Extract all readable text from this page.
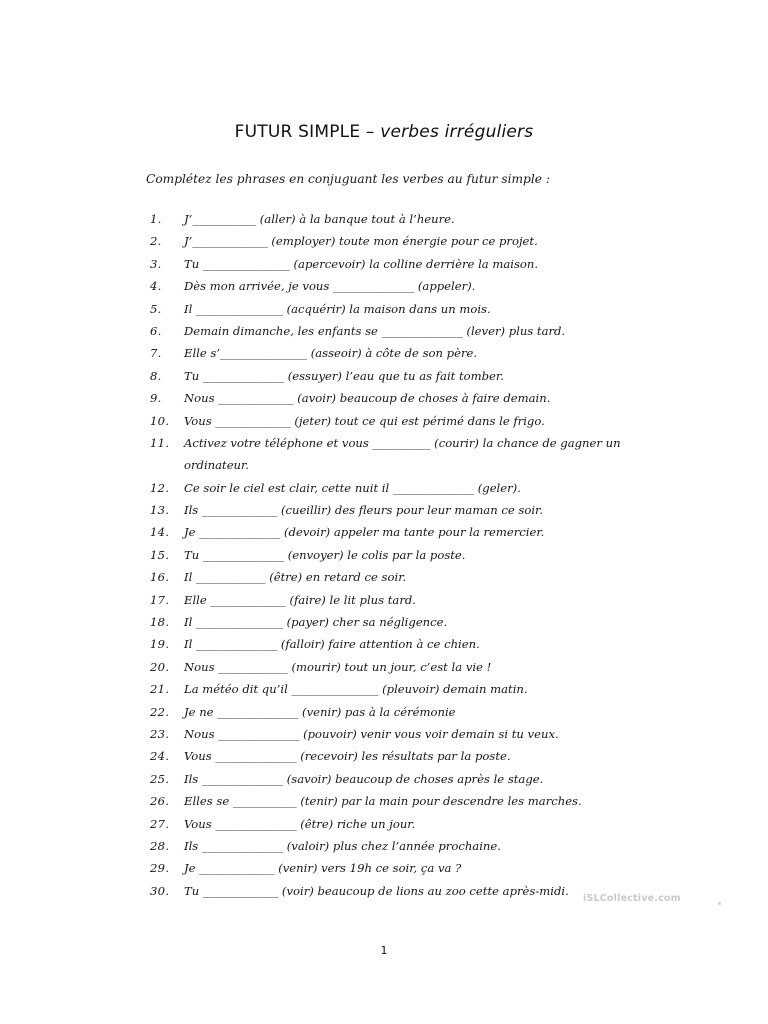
FUTUR SIMPLE – verbes irréguliers
Complétez les phrases en conjuguant les verbes au futur simple :
1.	J’___________ (aller) à la banque tout à l’heure.
2.	J’_____________ (employer) toute mon énergie pour ce projet.
3.	Tu _______________ (apercevoir) la colline derrière la maison.
4.	Dès mon arrivée, je vous ______________ (appeler).
5.	Il _______________ (acquérir) la maison dans un mois.
6.	Demain dimanche, les enfants se ______________ (lever) plus tard.
7.	Elle s’_______________ (asseoir) à côte de son père.
8.	Tu ______________ (essuyer) l’eau que tu as fait tomber.
9.	Nous _____________ (avoir) beaucoup de choses à faire demain.
10.	Vous _____________ (jeter) tout ce qui est périmé dans le frigo.
11.	Activez votre téléphone et vous __________ (courir) la chance de gagner un ordinateur.
12.	Ce soir le ciel est clair, cette nuit il ______________ (geler).
13.	Ils _____________ (cueillir) des fleurs pour leur maman ce soir.
14.	Je ______________ (devoir) appeler ma tante pour la remercier.
15.	Tu ______________ (envoyer) le colis par la poste.
16.	Il ____________ (être) en retard ce soir.
17.	Elle _____________ (faire) le lit plus tard.
18.	Il _______________ (payer) cher sa négligence.
19.	Il ______________ (falloir) faire attention à ce chien.
20.	Nous ____________ (mourir) tout un jour, c’est la vie !
21.	La météo dit qu’il _______________ (pleuvoir) demain matin.
22.	Je ne ______________ (venir) pas à la cérémonie
23.	Nous ______________ (pouvoir) venir vous voir demain si tu veux.
24.	Vous ______________ (recevoir) les résultats par la poste.
25.	Ils ______________ (savoir) beaucoup de choses après le stage.
26.	Elles se ___________ (tenir) par la main pour descendre les marches.
27.	Vous ______________ (être) riche un jour.
28.	Ils ______________ (valoir) plus chez l’année prochaine.
29.	Je _____________ (venir) vers 19h ce soir, ça va ?
30.	Tu _____________ (voir) beaucoup de lions au zoo cette après-midi.
iSLCollective.com
1
